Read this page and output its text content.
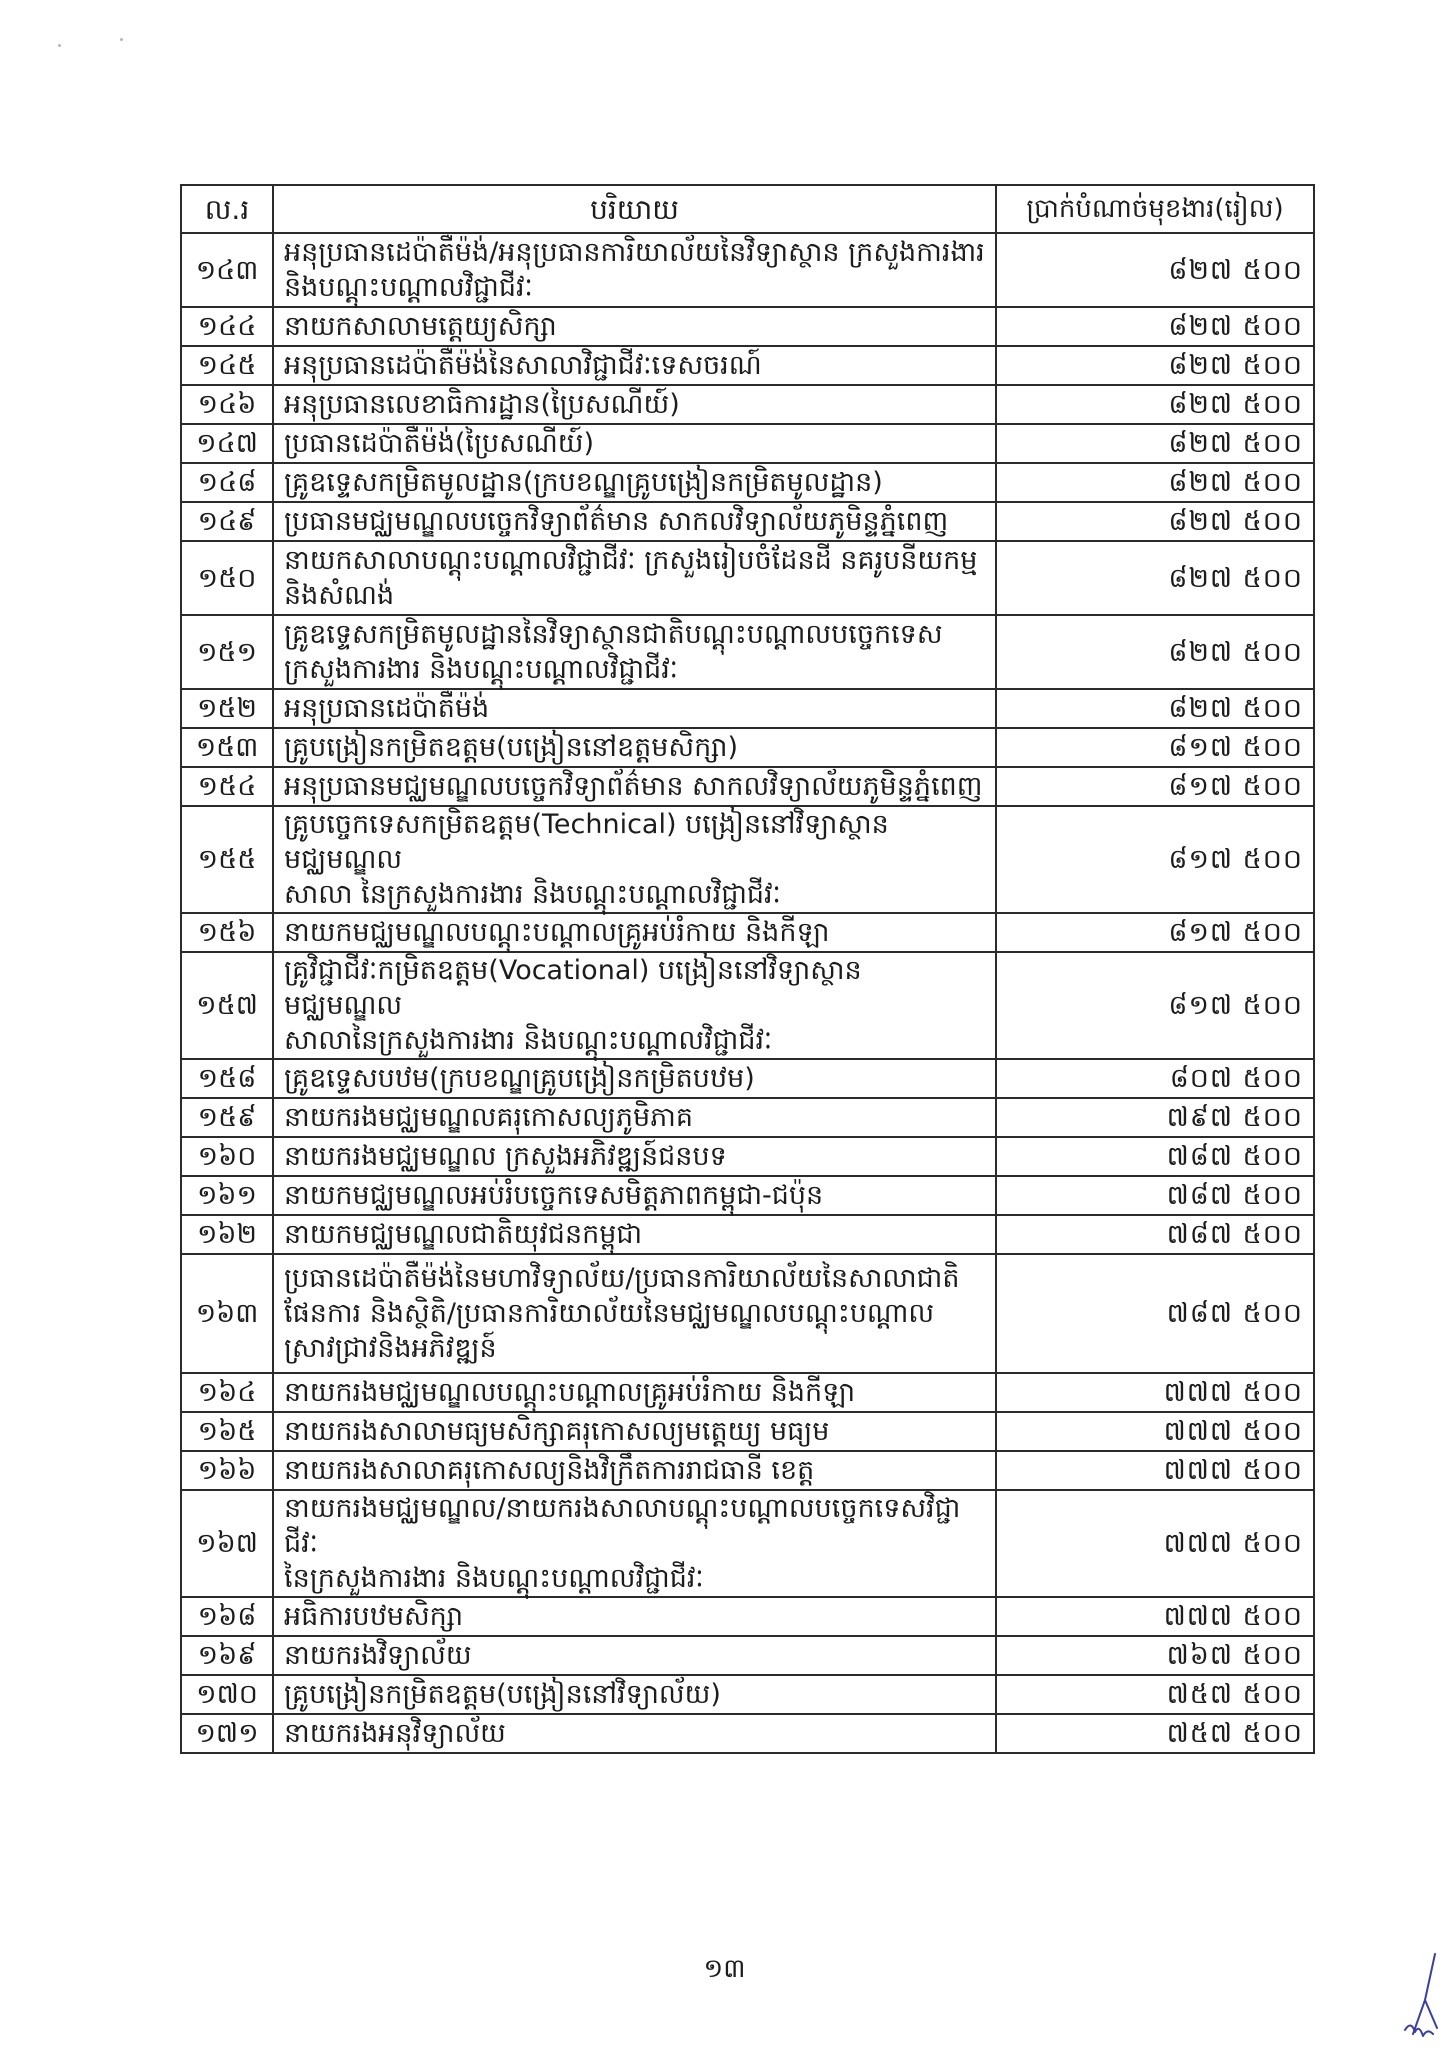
ល.រ	បរិយាយ	ប្រាក់បំណាច់មុខងារ(រៀល)
១៤៣	អនុប្រធានដេប៉ាតឺម៉ង់/អនុប្រធានការិយាល័យនៃវិទ្យាស្ថាន ក្រសួងការងារ
និងបណ្តុះបណ្តាលវិជ្ជាជីវៈ	៨២៧ ៥០០
១៤៤	នាយកសាលាមត្តេយ្យសិក្សា	៨២៧ ៥០០
១៤៥	អនុប្រធានដេប៉ាតឺម៉ង់នៃសាលាវិជ្ជាជីវៈទេសចរណ៍	៨២៧ ៥០០
១៤៦	អនុប្រធានលេខាធិការដ្ឋាន(ប្រៃសណីយ៍)	៨២៧ ៥០០
១៤៧	ប្រធានដេប៉ាតឺម៉ង់(ប្រៃសណីយ៍)	៨២៧ ៥០០
១៤៨	គ្រូឧទ្ទេសកម្រិតមូលដ្ឋាន(ក្របខណ្ឌគ្រូបង្រៀនកម្រិតមូលដ្ឋាន)	៨២៧ ៥០០
១៤៩	ប្រធានមជ្ឈមណ្ឌលបច្ចេកវិទ្យាព័ត៌មាន សាកលវិទ្យាល័យភូមិន្ទភ្នំពេញ	៨២៧ ៥០០
១៥០	នាយកសាលាបណ្តុះបណ្តាលវិជ្ជាជីវៈ ក្រសួងរៀបចំដែនដី នគរូបនីយកម្ម
និងសំណង់	៨២៧ ៥០០
១៥១	គ្រូឧទ្ទេសកម្រិតមូលដ្ឋាននៃវិទ្យាស្ថានជាតិបណ្តុះបណ្តាលបច្ចេកទេស
ក្រសួងការងារ និងបណ្តុះបណ្តាលវិជ្ជាជីវៈ	៨២៧ ៥០០
១៥២	អនុប្រធានដេប៉ាតឺម៉ង់	៨២៧ ៥០០
១៥៣	គ្រូបង្រៀនកម្រិតឧត្តម(បង្រៀននៅឧត្តមសិក្សា)	៨១៧ ៥០០
១៥៤	អនុប្រធានមជ្ឈមណ្ឌលបច្ចេកវិទ្យាព័ត៌មាន សាកលវិទ្យាល័យភូមិន្ទភ្នំពេញ	៨១៧ ៥០០
១៥៥	គ្រូបច្ចេកទេសកម្រិតឧត្តម(Technical) បង្រៀននៅវិទ្យាស្ថាន មជ្ឈមណ្ឌល
សាលា នៃក្រសួងការងារ និងបណ្តុះបណ្តាលវិជ្ជាជីវៈ	៨១៧ ៥០០
១៥៦	នាយកមជ្ឈមណ្ឌលបណ្តុះបណ្តាលគ្រូអប់រំកាយ និងកីឡា	៨១៧ ៥០០
១៥៧	គ្រូវិជ្ជាជីវៈកម្រិតឧត្តម(Vocational) បង្រៀននៅវិទ្យាស្ថាន មជ្ឈមណ្ឌល
សាលានៃក្រសួងការងារ និងបណ្តុះបណ្តាលវិជ្ជាជីវៈ	៨១៧ ៥០០
១៥៨	គ្រូឧទ្ទេសបឋម(ក្របខណ្ឌគ្រូបង្រៀនកម្រិតបឋម)	៨០៧ ៥០០
១៥៩	នាយករងមជ្ឈមណ្ឌលគរុកោសល្យភូមិភាគ	៧៩៧ ៥០០
១៦០	នាយករងមជ្ឈមណ្ឌល ក្រសួងអភិវឌ្ឍន៍ជនបទ	៧៨៧ ៥០០
១៦១	នាយកមជ្ឈមណ្ឌលអប់រំបច្ចេកទេសមិត្តភាពកម្ពុជា-ជប៉ុន	៧៨៧ ៥០០
១៦២	នាយកមជ្ឈមណ្ឌលជាតិយុវជនកម្ពុជា	៧៨៧ ៥០០
១៦៣	ប្រធានដេប៉ាតឺម៉ង់នៃមហាវិទ្យាល័យ/ប្រធានការិយាល័យនៃសាលាជាតិ
ផែនការ និងស្ថិតិ/ប្រធានការិយាល័យនៃមជ្ឈមណ្ឌលបណ្តុះបណ្តាល
ស្រាវជ្រាវនិងអភិវឌ្ឍន៍	៧៨៧ ៥០០
១៦៤	នាយករងមជ្ឈមណ្ឌលបណ្តុះបណ្តាលគ្រូអប់រំកាយ និងកីឡា	៧៧៧ ៥០០
១៦៥	នាយករងសាលាមធ្យមសិក្សាគរុកោសល្យមត្តេយ្យ មធ្យម	៧៧៧ ៥០០
១៦៦	នាយករងសាលាគរុកោសល្យនិងវិក្រឹតការរាជធានី ខេត្ត	៧៧៧ ៥០០
១៦៧	នាយករងមជ្ឈមណ្ឌល/នាយករងសាលាបណ្តុះបណ្តាលបច្ចេកទេសវិជ្ជាជីវៈ
នៃក្រសួងការងារ និងបណ្តុះបណ្តាលវិជ្ជាជីវៈ	៧៧៧ ៥០០
១៦៨	អធិការបឋមសិក្សា	៧៧៧ ៥០០
១៦៩	នាយករងវិទ្យាល័យ	៧៦៧ ៥០០
១៧០	គ្រូបង្រៀនកម្រិតឧត្តម(បង្រៀននៅវិទ្យាល័យ)	៧៥៧ ៥០០
១៧១	នាយករងអនុវិទ្យាល័យ	៧៥៧ ៥០០
១៣
